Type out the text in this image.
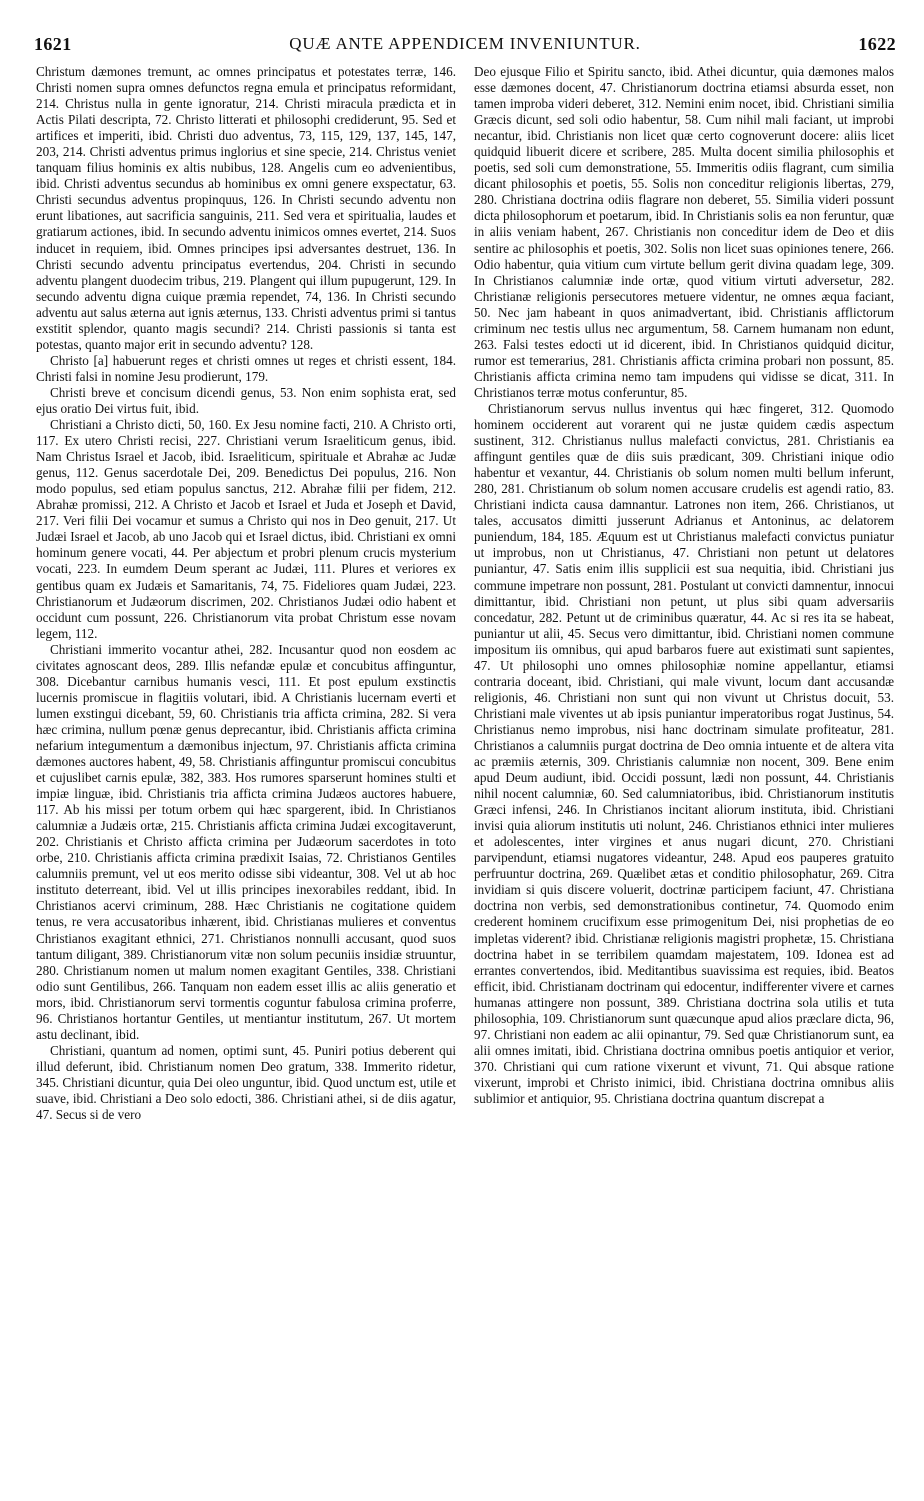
1621	QUÆ ANTE APPENDICEM INVENIUNTUR.	1622

Christum dæmones tremunt, ac omnes principatus et potestates terræ, 146. Christi nomen supra omnes defunctos regna emula et principatus reformidant, 214. Christus nulla in gente ignoratur, 214. Christi miracula prædicta et in Actis Pilati descripta, 72. Christo litterati et philosophi crediderunt, 95. Sed et artifices et imperiti, ibid. Christi duo adventus, 73, 115, 129, 137, 145, 147, 203, 214. Christi adventus primus inglorius et sine specie, 214. Christus veniet tanquam filius hominis ex altis nubibus, 128. Angelis cum eo advenientibus, ibid. Christi adventus secundus ab hominibus ex omni genere exspectatur, 63. Christi secundus adventus propinquus, 126. In Christi secundo adventu non erunt libationes, aut sacrificia sanguinis, 211. Sed vera et spiritualia, laudes et gratiarum actiones, ibid. In secundo adventu inimicos omnes evertet, 214. Suos inducet in requiem, ibid. Omnes principes ipsi adversantes destruet, 136. In Christi secundo adventu principatus evertendus, 204. Christi in secundo adventu plangent duodecim tribus, 219. Plangent qui illum pupugerunt, 129. In secundo adventu digna cuique præmia rependet, 74, 136. In Christi secundo adventu aut salus æterna aut ignis æternus, 133. Christi adventus primi si tantus exstitit splendor, quanto magis secundi? 214. Christi passionis si tanta est potestas, quanto major erit in secundo adventu? 128.

Christo [a] habuerunt reges et christi omnes ut reges et christi essent, 184. Christi falsi in nomine Jesu prodierunt, 179.

Christi breve et concisum dicendi genus, 53. Non enim sophista erat, sed ejus oratio Dei virtus fuit, ibid.

Christiani a Christo dicti, 50, 160. Ex Jesu nomine facti, 210. A Christo orti, 117. Ex utero Christi recisi, 227. Christiani verum Israeliticum genus, ibid. Nam Christus Israel et Jacob, ibid. Israeliticum, spirituale et Abrahæ ac Judæ genus, 112. Genus sacerdotale Dei, 209. Benedictus Dei populus, 216. Non modo populus, sed etiam populus sanctus, 212. Abrahæ filii per fidem, 212. Abrahæ promissi, 212. A Christo et Jacob et Israel et Juda et Joseph et David, 217. Veri filii Dei vocamur et sumus a Christo qui nos in Deo genuit, 217. Ut Judæi Israel et Jacob, ab uno Jacob qui et Israel dictus, ibid. Christiani ex omni hominum genere vocati, 44. Per abjectum et probri plenum crucis mysterium vocati, 223. In eumdem Deum sperant ac Judæi, 111. Plures et veriores ex gentibus quam ex Judæis et Samaritanis, 74, 75. Fideliores quam Judæi, 223. Christianorum et Judæorum discrimen, 202. Christianos Judæi odio habent et occidunt cum possunt, 226. Christianorum vita probat Christum esse novam legem, 112.

Christiani immerito vocantur athei, 282. Incusantur quod non eosdem ac civitates agnoscant deos, 289. Illis nefandæ epulæ et concubitus affinguntur, 308. Dicebantur carnibus humanis vesci, 111. Et post epulum exstinctis lucernis promiscue in flagitiis volutari, ibid. A Christianis lucernam everti et lumen exstingui dicebant, 59, 60. Christianis tria afficta crimina, 282. Si vera hæc crimina, nullum pœnæ genus deprecantur, ibid. Christianis afficta crimina nefarium integumentum a dæmonibus injectum, 97. Christianis afficta crimina dæmones auctores habent, 49, 58. Christianis affinguntur promiscui concubitus et cujuslibet carnis epulæ, 382, 383. Hos rumores sparserunt homines stulti et impiæ linguæ, ibid. Christianis tria afficta crimina Judæos auctores habuere, 117. Ab his missi per totum orbem qui hæc spargerent, ibid. In Christianos calumniæ a Judæis ortæ, 215. Christianis afficta crimina Judæi excogitaverunt, 202. Christianis et Christo afficta crimina per Judæorum sacerdotes in toto orbe, 210. Christianis afficta crimina prædixit Isaias, 72. Christianos Gentiles calumniis premunt, vel ut eos merito odisse sibi videantur, 308. Vel ut ab hoc instituto deterreant, ibid. Vel ut illis principes inexorabiles reddant, ibid. In Christianos acervi criminum, 288. Hæc Christianis ne cogitatione quidem tenus, re vera accusatoribus inhærent, ibid. Christianas mulieres et conventus Christianos exagitant ethnici, 271. Christianos nonnulli accusant, quod suos tantum diligant, 389. Christianorum vitæ non solum pecuniis insidiæ struuntur, 280. Christianum nomen ut malum nomen exagitant Gentiles, 338. Christiani odio sunt Gentilibus, 266. Tanquam non eadem esset illis ac aliis generatio et mors, ibid. Christianorum servi tormentis coguntur fabulosa crimina proferre, 96. Christianos hortantur Gentiles, ut mentiantur institutum, 267. Ut mortem astu declinant, ibid.

Christiani, quantum ad nomen, optimi sunt, 45. Puniri potius deberent qui illud deferunt, ibid. Christianum nomen Deo gratum, 338. Immerito ridetur, 345. Christiani dicuntur, quia Dei oleo unguntur, ibid. Quod unctum est, utile et suave, ibid. Christiani a Deo solo edocti, 386. Christiani athei, si de diis agatur, 47. Secus si de vero

Deo ejusque Filio et Spiritu sancto, ibid. Athei dicuntur, quia dæmones malos esse dæmones docent, 47. Christianorum doctrina etiamsi absurda esset, non tamen improba videri deberet, 312. Nemini enim nocet, ibid. Christiani similia Græcis dicunt, sed soli odio habentur, 58. Cum nihil mali faciant, ut improbi necantur, ibid. Christianis non licet quæ certo cognoverunt docere: aliis licet quidquid libuerit dicere et scribere, 285. Multa docent similia philosophis et poetis, sed soli cum demonstratione, 55. Immeritis odiis flagrant, cum similia dicant philosophis et poetis, 55. Solis non conceditur religionis libertas, 279, 280. Christiana doctrina odiis flagrare non deberet, 55. Similia videri possunt dicta philosophorum et poetarum, ibid. In Christianis solis ea non feruntur, quæ in aliis veniam habent, 267. Christianis non conceditur idem de Deo et diis sentire ac philosophis et poetis, 302. Solis non licet suas opiniones tenere, 266. Odio habentur, quia vitium cum virtute bellum gerit divina quadam lege, 309. In Christianos calumniæ inde ortæ, quod vitium virtuti adversetur, 282. Christianæ religionis persecutores metuere videntur, ne omnes æqua faciant, 50. Nec jam habeant in quos animadvertant, ibid. Christianis afflictorum criminum nec testis ullus nec argumentum, 58. Carnem humanam non edunt, 263. Falsi testes edocti ut id dicerent, ibid. In Christianos quidquid dicitur, rumor est temerarius, 281. Christianis afficta crimina probari non possunt, 85. Christianis afficta crimina nemo tam impudens qui vidisse se dicat, 311. In Christianos terræ motus conferuntur, 85.

Christianorum servus nullus inventus qui hæc fingeret, 312. Quomodo hominem occiderent aut vorarent qui ne justæ quidem cædis aspectum sustinent, 312. Christianus nullus malefacti convictus, 281. Christianis ea affingunt gentiles quæ de diis suis prædicant, 309. Christiani inique odio habentur et vexantur, 44. Christianis ob solum nomen multi bellum inferunt, 280, 281. Christianum ob solum nomen accusare crudelis est agendi ratio, 83. Christiani indicta causa damnantur. Latrones non item, 266. Christianos, ut tales, accusatos dimitti jusserunt Adrianus et Antoninus, ac delatorem puniendum, 184, 185. Æquum est ut Christianus malefacti convictus puniatur ut improbus, non ut Christianus, 47. Christiani non petunt ut delatores puniantur, 47. Satis enim illis supplicii est sua nequitia, ibid. Christiani jus commune impetrare non possunt, 281. Postulant ut convicti damnentur, innocui dimittantur, ibid. Christiani non petunt, ut plus sibi quam adversariis concedatur, 282. Petunt ut de criminibus quæratur, 44. Ac si res ita se habeat, puniantur ut alii, 45. Secus vero dimittantur, ibid. Christiani nomen commune impositum iis omnibus, qui apud barbaros fuere aut existimati sunt sapientes, 47. Ut philosophi uno omnes philosophiæ nomine appellantur, etiamsi contraria doceant, ibid. Christiani, qui male vivunt, locum dant accusandæ religionis, 46. Christiani non sunt qui non vivunt ut Christus docuit, 53. Christiani male viventes ut ab ipsis puniantur imperatoribus rogat Justinus, 54. Christianus nemo improbus, nisi hanc doctrinam simulate profiteatur, 281. Christianos a calumniis purgat doctrina de Deo omnia intuente et de altera vita ac præmiis æternis, 309. Christianis calumniæ non nocent, 309. Bene enim apud Deum audiunt, ibid. Occidi possunt, lædi non possunt, 44. Christianis nihil nocent calumniæ, 60. Sed calumniatoribus, ibid. Christianorum institutis Græci infensi, 246. In Christianos incitant aliorum instituta, ibid. Christiani invisi quia aliorum institutis uti nolunt, 246. Christianos ethnici inter mulieres et adolescentes, inter virgines et anus nugari dicunt, 270. Christiani parvipendunt, etiamsi nugatores videantur, 248. Apud eos pauperes gratuito perfruuntur doctrina, 269. Quælibet ætas et conditio philosophatur, 269. Citra invidiam si quis discere voluerit, doctrinæ participem faciunt, 47. Christiana doctrina non verbis, sed demonstrationibus continetur, 74. Quomodo enim crederent hominem crucifixum esse primogenitum Dei, nisi prophetias de eo impletas viderent? ibid. Christianæ religionis magistri prophetæ, 15. Christiana doctrina habet in se terribilem quamdam majestatem, 109. Idonea est ad errantes convertendos, ibid. Meditantibus suavissima est requies, ibid. Beatos efficit, ibid. Christianam doctrinam qui edocentur, indifferenter vivere et carnes humanas attingere non possunt, 389. Christiana doctrina sola utilis et tuta philosophia, 109. Christianorum sunt quæcunque apud alios præclare dicta, 96, 97. Christiani non eadem ac alii opinantur, 79. Sed quæ Christianorum sunt, ea alii omnes imitati, ibid. Christiana doctrina omnibus poetis antiquior et verior, 370. Christiani qui cum ratione vixerunt et vivunt, 71. Qui absque ratione vixerunt, improbi et Christo inimici, ibid. Christiana doctrina omnibus aliis sublimior et antiquior, 95. Christiana doctrina quantum discrepat a
